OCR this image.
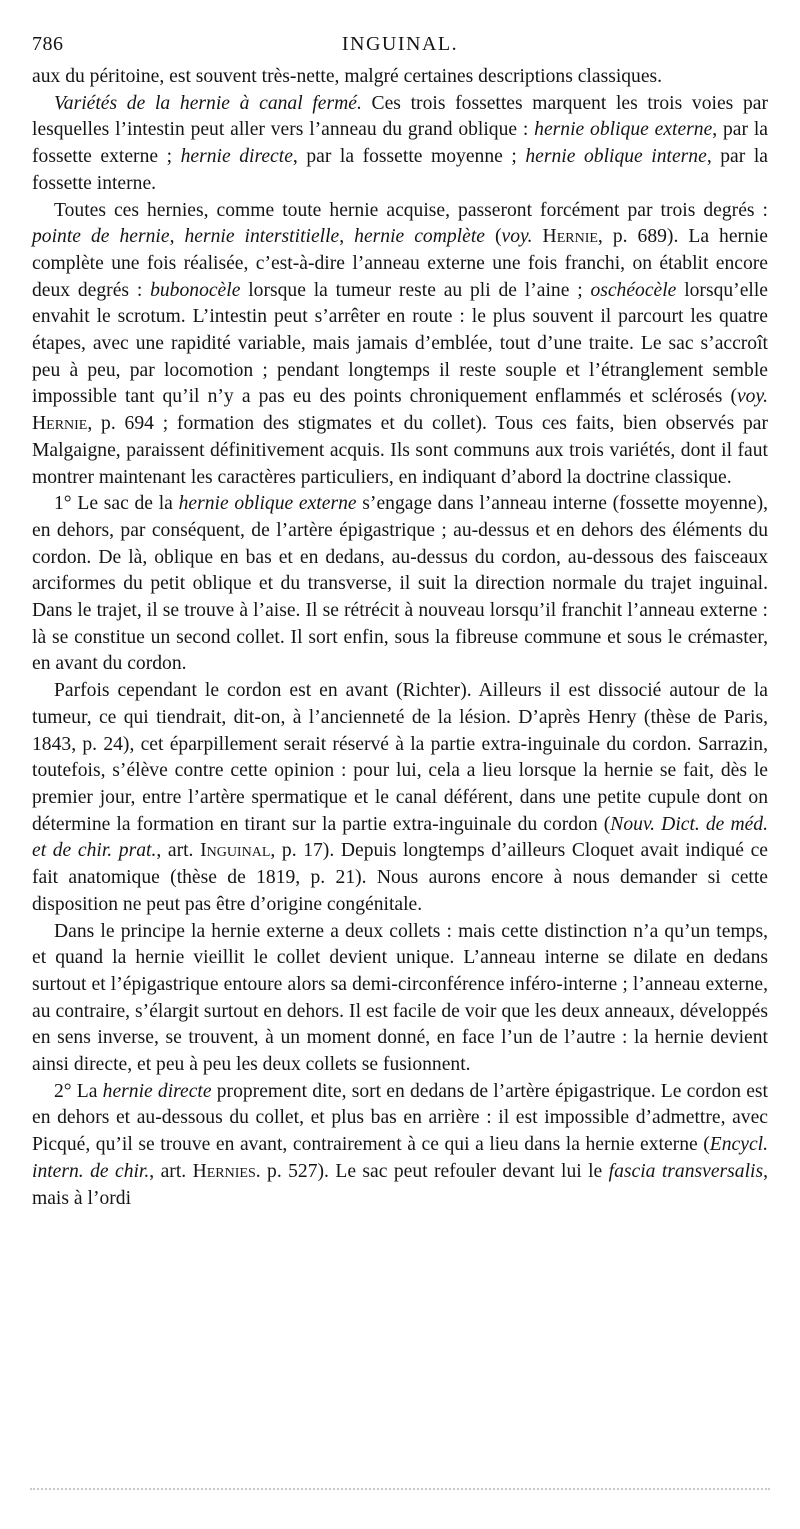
786	INGUINAL.

aux du péritoine, est souvent très-nette, malgré certaines descriptions classiques.

Variétés de la hernie à canal fermé. Ces trois fossettes marquent les trois voies par lesquelles l’intestin peut aller vers l’anneau du grand oblique : hernie oblique externe, par la fossette externe ; hernie directe, par la fossette moyenne ; hernie oblique interne, par la fossette interne.

Toutes ces hernies, comme toute hernie acquise, passeront forcément par trois degrés : pointe de hernie, hernie interstitielle, hernie complète (voy. Hernie, p. 689). La hernie complète une fois réalisée, c’est-à-dire l’anneau externe une fois franchi, on établit encore deux degrés : bubonocèle lorsque la tumeur reste au pli de l’aine ; oschéocèle lorsqu’elle envahit le scrotum. L’intestin peut s’arrêter en route : le plus souvent il parcourt les quatre étapes, avec une rapidité variable, mais jamais d’emblée, tout d’une traite. Le sac s’accroît peu à peu, par locomotion ; pendant longtemps il reste souple et l’étranglement semble impossible tant qu’il n’y a pas eu des points chroniquement enflammés et sclérosés (voy. Hernie, p. 694 ; formation des stigmates et du collet). Tous ces faits, bien observés par Malgaigne, paraissent définitivement acquis. Ils sont communs aux trois variétés, dont il faut montrer maintenant les caractères particuliers, en indiquant d’abord la doctrine classique.

1° Le sac de la hernie oblique externe s’engage dans l’anneau interne (fossette moyenne), en dehors, par conséquent, de l’artère épigastrique ; au-dessus et en dehors des éléments du cordon. De là, oblique en bas et en dedans, au-dessus du cordon, au-dessous des faisceaux arciformes du petit oblique et du transverse, il suit la direction normale du trajet inguinal. Dans le trajet, il se trouve à l’aise. Il se rétrécit à nouveau lorsqu’il franchit l’anneau externe : là se constitue un second collet. Il sort enfin, sous la fibreuse commune et sous le crémaster, en avant du cordon.

Parfois cependant le cordon est en avant (Richter). Ailleurs il est dissocié autour de la tumeur, ce qui tiendrait, dit-on, à l’ancienneté de la lésion. D’après Henry (thèse de Paris, 1843, p. 24), cet éparpillement serait réservé à la partie extra-inguinale du cordon. Sarrazin, toutefois, s’élève contre cette opinion : pour lui, cela a lieu lorsque la hernie se fait, dès le premier jour, entre l’artère spermatique et le canal déférent, dans une petite cupule dont on détermine la formation en tirant sur la partie extra-inguinale du cordon (Nouv. Dict. de méd. et de chir. prat., art. Inguinal, p. 17). Depuis longtemps d’ailleurs Cloquet avait indiqué ce fait anatomique (thèse de 1819, p. 21). Nous aurons encore à nous demander si cette disposition ne peut pas être d’origine congénitale.

Dans le principe la hernie externe a deux collets : mais cette distinction n’a qu’un temps, et quand la hernie vieillit le collet devient unique. L’anneau interne se dilate en dedans surtout et l’épigastrique entoure alors sa demi-circonférence inféro-interne ; l’anneau externe, au contraire, s’élargit surtout en dehors. Il est facile de voir que les deux anneaux, développés en sens inverse, se trouvent, à un moment donné, en face l’un de l’autre : la hernie devient ainsi directe, et peu à peu les deux collets se fusionnent.

2° La hernie directe proprement dite, sort en dedans de l’artère épigastrique. Le cordon est en dehors et au-dessous du collet, et plus bas en arrière : il est impossible d’admettre, avec Picqué, qu’il se trouve en avant, contrairement à ce qui a lieu dans la hernie externe (Encycl. intern. de chir., art. Hernies. p. 527). Le sac peut refouler devant lui le fascia transversalis, mais à l’ordi
